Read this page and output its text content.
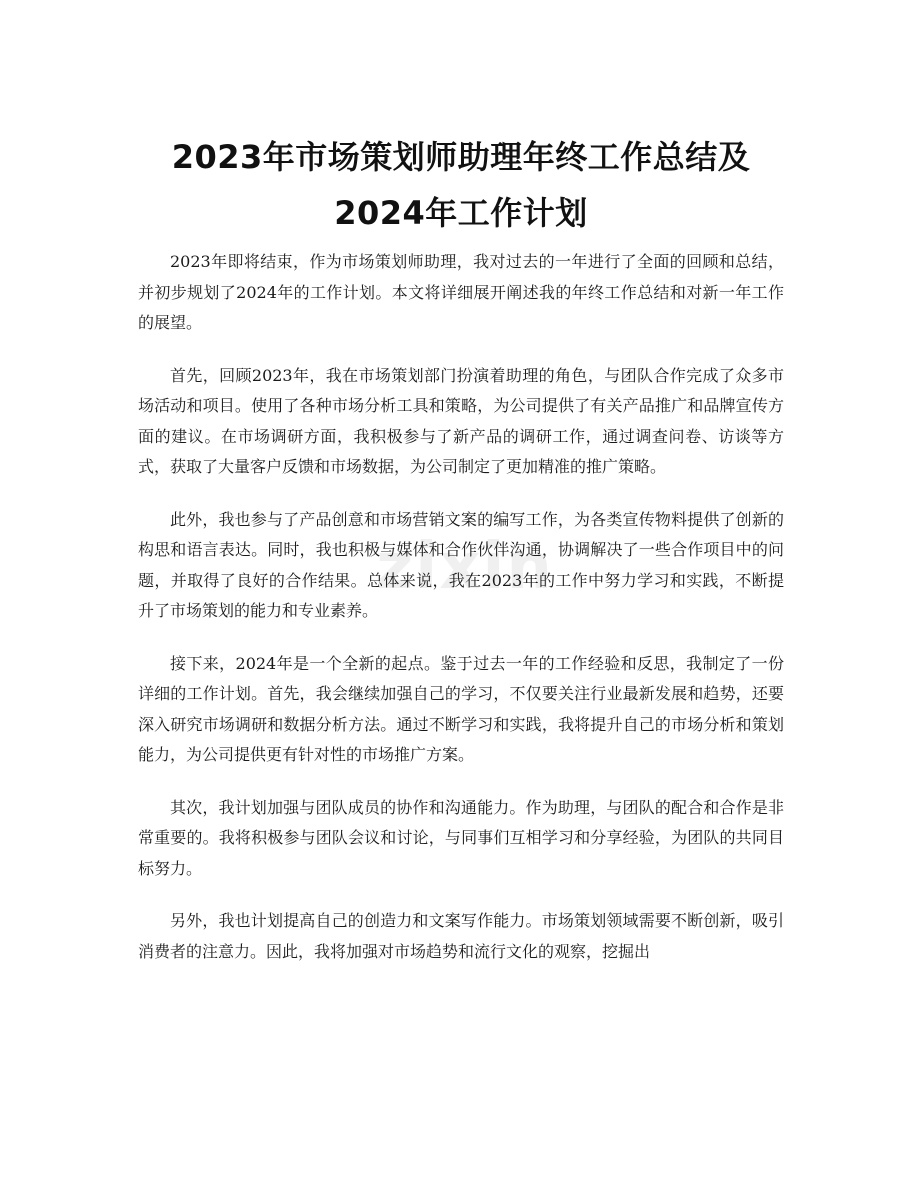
zixin
2023年市场策划师助理年终工作总结及2024年工作计划

2023年即将结束，作为市场策划师助理，我对过去的一年进行了全面的回顾和总结，并初步规划了2024年的工作计划。本文将详细展开阐述我的年终工作总结和对新一年工作的展望。

首先，回顾2023年，我在市场策划部门扮演着助理的角色，与团队合作完成了众多市场活动和项目。使用了各种市场分析工具和策略，为公司提供了有关产品推广和品牌宣传方面的建议。在市场调研方面，我积极参与了新产品的调研工作，通过调查问卷、访谈等方式，获取了大量客户反馈和市场数据，为公司制定了更加精准的推广策略。

此外，我也参与了产品创意和市场营销文案的编写工作，为各类宣传物料提供了创新的构思和语言表达。同时，我也积极与媒体和合作伙伴沟通，协调解决了一些合作项目中的问题，并取得了良好的合作结果。总体来说，我在2023年的工作中努力学习和实践，不断提升了市场策划的能力和专业素养。

接下来，2024年是一个全新的起点。鉴于过去一年的工作经验和反思，我制定了一份详细的工作计划。首先，我会继续加强自己的学习，不仅要关注行业最新发展和趋势，还要深入研究市场调研和数据分析方法。通过不断学习和实践，我将提升自己的市场分析和策划能力，为公司提供更有针对性的市场推广方案。

其次，我计划加强与团队成员的协作和沟通能力。作为助理，与团队的配合和合作是非常重要的。我将积极参与团队会议和讨论，与同事们互相学习和分享经验，为团队的共同目标努力。

另外，我也计划提高自己的创造力和文案写作能力。市场策划领域需要不断创新，吸引消费者的注意力。因此，我将加强对市场趋势和流行文化的观察，挖掘出
